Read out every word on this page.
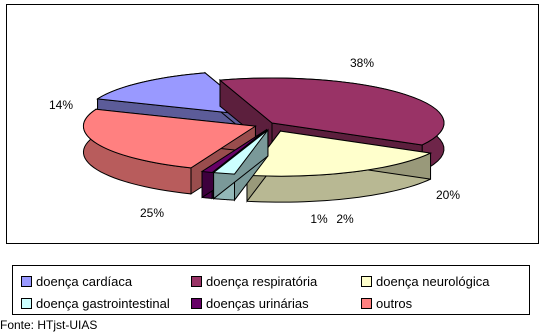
14%
38%
20%
2%
1%
25%
doença cardíaca	doença respiratória	doença neurológica
doença gastrointestinal	doenças urinárias	outros
Fonte: HTjst-UIAS
